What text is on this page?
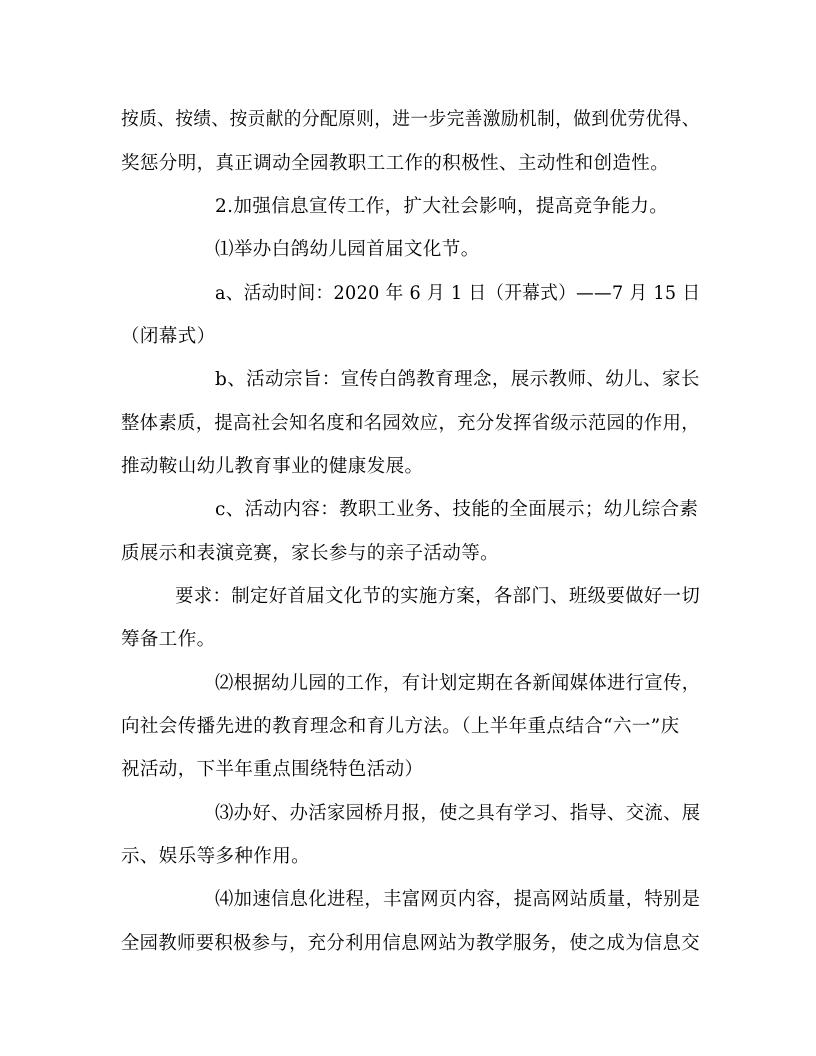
按质、按绩、按贡献的分配原则，进一步完善激励机制，做到优劳优得、
奖惩分明，真正调动全园教职工工作的积极性、主动性和创造性。
2.加强信息宣传工作，扩大社会影响，提高竞争能力。
⑴举办白鸽幼儿园首届文化节。
a、活动时间：2020 年 6 月 1 日（开幕式）——7 月 15 日
（闭幕式）
b、活动宗旨：宣传白鸽教育理念，展示教师、幼儿、家长
整体素质，提高社会知名度和名园效应，充分发挥省级示范园的作用，
推动鞍山幼儿教育事业的健康发展。
c、活动内容：教职工业务、技能的全面展示；幼儿综合素
质展示和表演竞赛，家长参与的亲子活动等。
要求：制定好首届文化节的实施方案，各部门、班级要做好一切
筹备工作。
⑵根据幼儿园的工作，有计划定期在各新闻媒体进行宣传，
向社会传播先进的教育理念和育儿方法。（上半年重点结合“六一”庆
祝活动，下半年重点围绕特色活动）
⑶办好、办活家园桥月报，使之具有学习、指导、交流、展
示、娱乐等多种作用。
⑷加速信息化进程，丰富网页内容，提高网站质量，特别是
全园教师要积极参与，充分利用信息网站为教学服务，使之成为信息交
